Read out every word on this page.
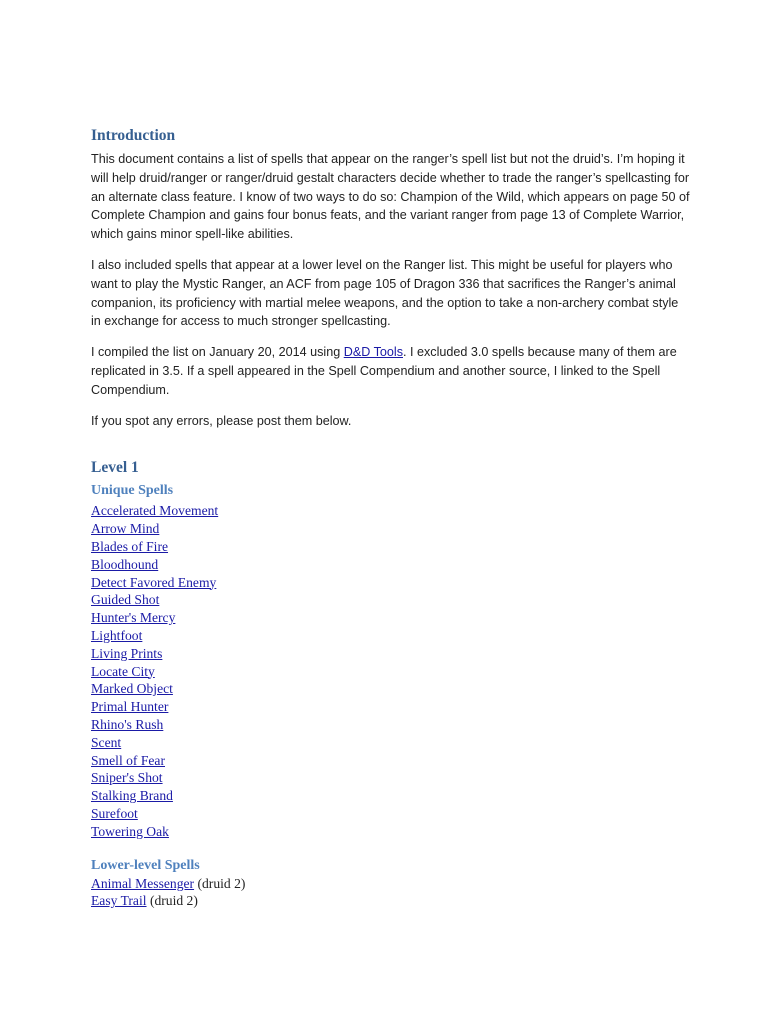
Introduction

This document contains a list of spells that appear on the ranger’s spell list but not the druid’s. I’m hoping it will help druid/ranger or ranger/druid gestalt characters decide whether to trade the ranger’s spellcasting for an alternate class feature. I know of two ways to do so: Champion of the Wild, which appears on page 50 of Complete Champion and gains four bonus feats, and the variant ranger from page 13 of Complete Warrior, which gains minor spell-like abilities.

I also included spells that appear at a lower level on the Ranger list. This might be useful for players who want to play the Mystic Ranger, an ACF from page 105 of Dragon 336 that sacrifices the Ranger’s animal companion, its proficiency with martial melee weapons, and the option to take a non-archery combat style in exchange for access to much stronger spellcasting.

I compiled the list on January 20, 2014 using D&D Tools. I excluded 3.0 spells because many of them are replicated in 3.5. If a spell appeared in the Spell Compendium and another source, I linked to the Spell Compendium.

If you spot any errors, please post them below.

Level 1
Unique Spells
Accelerated Movement
Arrow Mind
Blades of Fire
Bloodhound
Detect Favored Enemy
Guided Shot
Hunter's Mercy
Lightfoot
Living Prints
Locate City
Marked Object
Primal Hunter
Rhino's Rush
Scent
Smell of Fear
Sniper's Shot
Stalking Brand
Surefoot
Towering Oak
Lower-level Spells
Animal Messenger (druid 2)
Easy Trail (druid 2)
